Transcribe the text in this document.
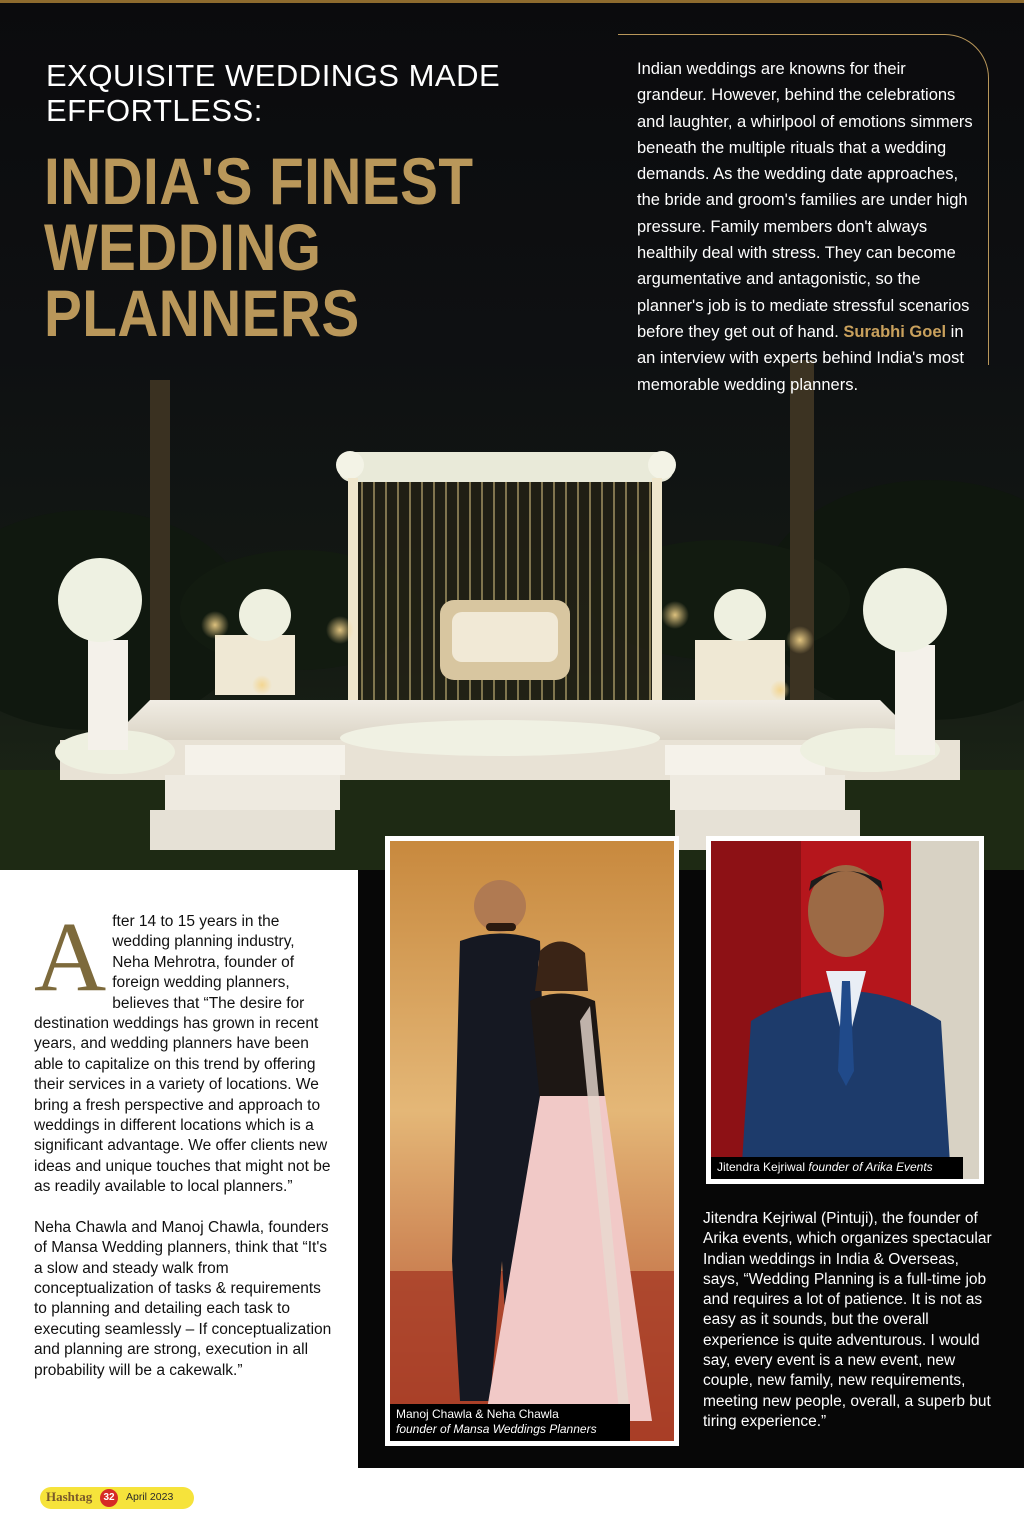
EXQUISITE WEDDINGS MADE EFFORTLESS:
INDIA'S FINEST WEDDING PLANNERS

Indian weddings are knowns for their grandeur. However, behind the celebrations and laughter, a whirlpool of emotions simmers beneath the multiple rituals that a wedding demands. As the wedding date approaches, the bride and groom's families are under high pressure. Family members don't always healthily deal with stress. They can become argumentative and antagonistic, so the planner's job is to mediate stressful scenarios before they get out of hand. Surabhi Goel in an interview with experts behind India's most memorable wedding planners.

After 14 to 15 years in the wedding planning industry, Neha Mehrotra, founder of foreign wedding planners, believes that “The desire for destination weddings has grown in recent years, and wedding planners have been able to capitalize on this trend by offering their services in a variety of locations. We bring a fresh perspective and approach to weddings in different locations which is a significant advantage. We offer clients new ideas and unique touches that might not be as readily available to local planners.”

Neha Chawla and Manoj Chawla, founders of Mansa Wedding planners, think that “It's a slow and steady walk from conceptualization of tasks & requirements to planning and detailing each task to executing seamlessly – If conceptualization and planning are strong, execution in all probability will be a cakewalk.”

Manoj Chawla & Neha Chawla
founder of Mansa Weddings Planners
Jitendra Kejriwal founder of Arika Events

Jitendra Kejriwal (Pintuji), the founder of Arika events, which organizes spectacular Indian weddings in India & Overseas, says, “Wedding Planning is a full-time job and requires a lot of patience. It is not as easy as it sounds, but the overall experience is quite adventurous. I would say, every event is a new event, new couple, new family, new requirements, meeting new people, overall, a superb but tiring experience.”

Hashtag	32	April 2023
